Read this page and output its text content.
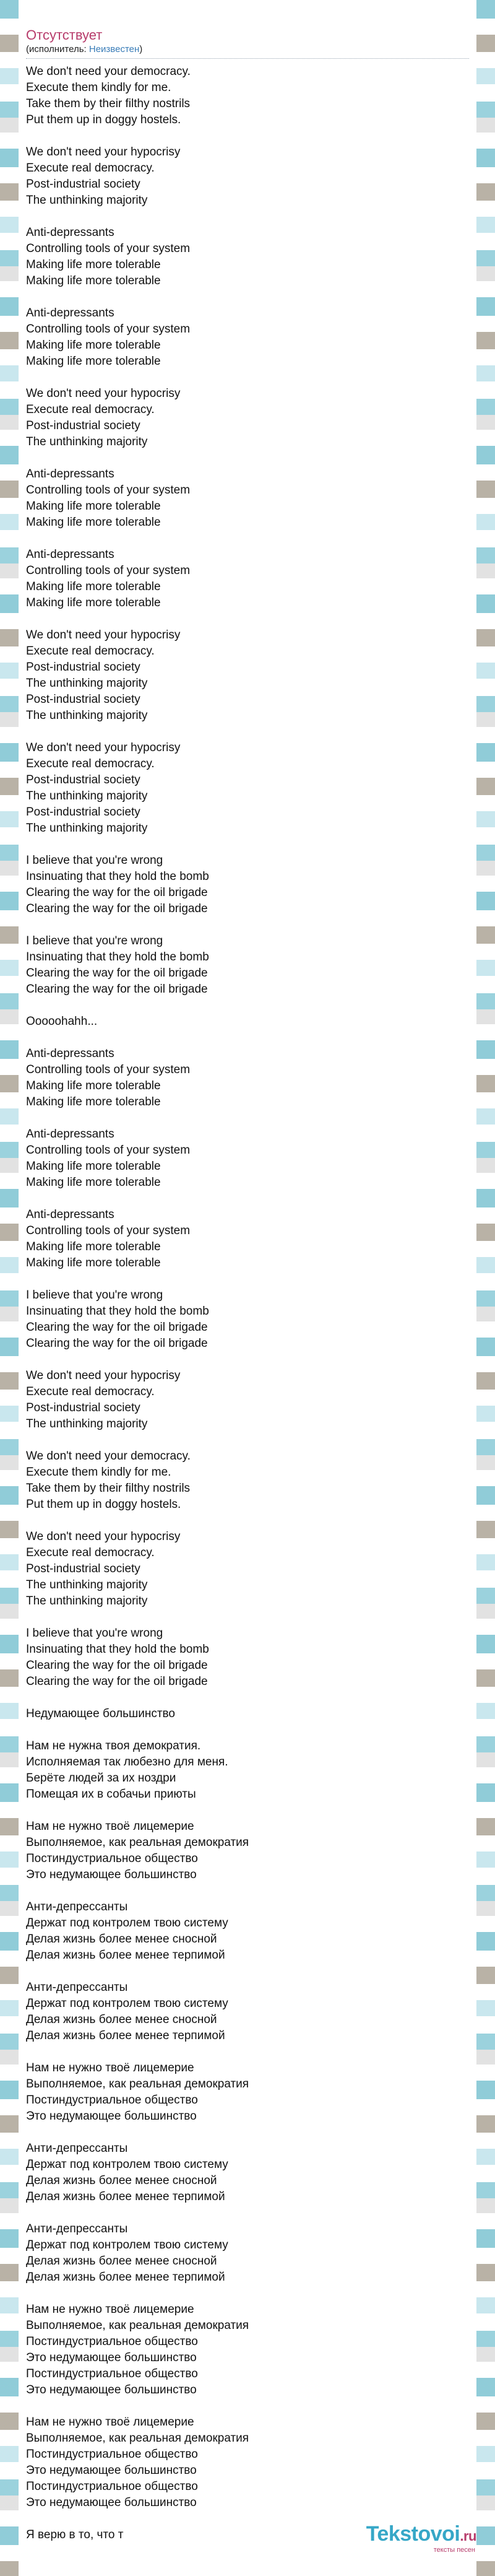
Отсутствует
(исполнитель: Неизвестен)
We don't need your democracy.
Execute them kindly for me.
Take them by their filthy nostrils
Put them up in doggy hostels.
We don't need your hypocrisy
Execute real democracy.
Post-industrial society
The unthinking majority
Anti-depressants
Controlling tools of your system
Making life more tolerable
Making life more tolerable
Anti-depressants
Controlling tools of your system
Making life more tolerable
Making life more tolerable
We don't need your hypocrisy
Execute real democracy.
Post-industrial society
The unthinking majority
Anti-depressants
Controlling tools of your system
Making life more tolerable
Making life more tolerable
Anti-depressants
Controlling tools of your system
Making life more tolerable
Making life more tolerable
We don't need your hypocrisy
Execute real democracy.
Post-industrial society
The unthinking majority
Post-industrial society
The unthinking majority
We don't need your hypocrisy
Execute real democracy.
Post-industrial society
The unthinking majority
Post-industrial society
The unthinking majority
I believe that you're wrong
Insinuating that they hold the bomb
Clearing the way for the oil brigade
Clearing the way for the oil brigade
I believe that you're wrong
Insinuating that they hold the bomb
Clearing the way for the oil brigade
Clearing the way for the oil brigade
Ooooohahh...
Anti-depressants
Controlling tools of your system
Making life more tolerable
Making life more tolerable
Anti-depressants
Controlling tools of your system
Making life more tolerable
Making life more tolerable
Anti-depressants
Controlling tools of your system
Making life more tolerable
Making life more tolerable
I believe that you're wrong
Insinuating that they hold the bomb
Clearing the way for the oil brigade
Clearing the way for the oil brigade
We don't need your hypocrisy
Execute real democracy.
Post-industrial society
The unthinking majority
We don't need your democracy.
Execute them kindly for me.
Take them by their filthy nostrils
Put them up in doggy hostels.
We don't need your hypocrisy
Execute real democracy.
Post-industrial society
The unthinking majority
The unthinking majority
I believe that you're wrong
Insinuating that they hold the bomb
Clearing the way for the oil brigade
Clearing the way for the oil brigade
Недумающее большинство
Нам не нужна твоя демократия.
Исполняемая так любезно для меня.
Берёте людей за их ноздри
Помещая их в собачьи приюты
Нам не нужно твоё лицемерие
Выполняемое, как реальная демократия
Постиндустриальное общество
Это недумающее большинство
Анти-депрессанты
Держат под контролем твою систему
Делая жизнь более менее сносной
Делая жизнь более менее терпимой
Анти-депрессанты
Держат под контролем твою систему
Делая жизнь более менее сносной
Делая жизнь более менее терпимой
Нам не нужно твоё лицемерие
Выполняемое, как реальная демократия
Постиндустриальное общество
Это недумающее большинство
Анти-депрессанты
Держат под контролем твою систему
Делая жизнь более менее сносной
Делая жизнь более менее терпимой
Анти-депрессанты
Держат под контролем твою систему
Делая жизнь более менее сносной
Делая жизнь более менее терпимой
Нам не нужно твоё лицемерие
Выполняемое, как реальная демократия
Постиндустриальное общество
Это недумающее большинство
Постиндустриальное общество
Это недумающее большинство
Нам не нужно твоё лицемерие
Выполняемое, как реальная демократия
Постиндустриальное общество
Это недумающее большинство
Постиндустриальное общество
Это недумающее большинство
Я верю в то, что т	Tekstovoi.ru
тексты песен
